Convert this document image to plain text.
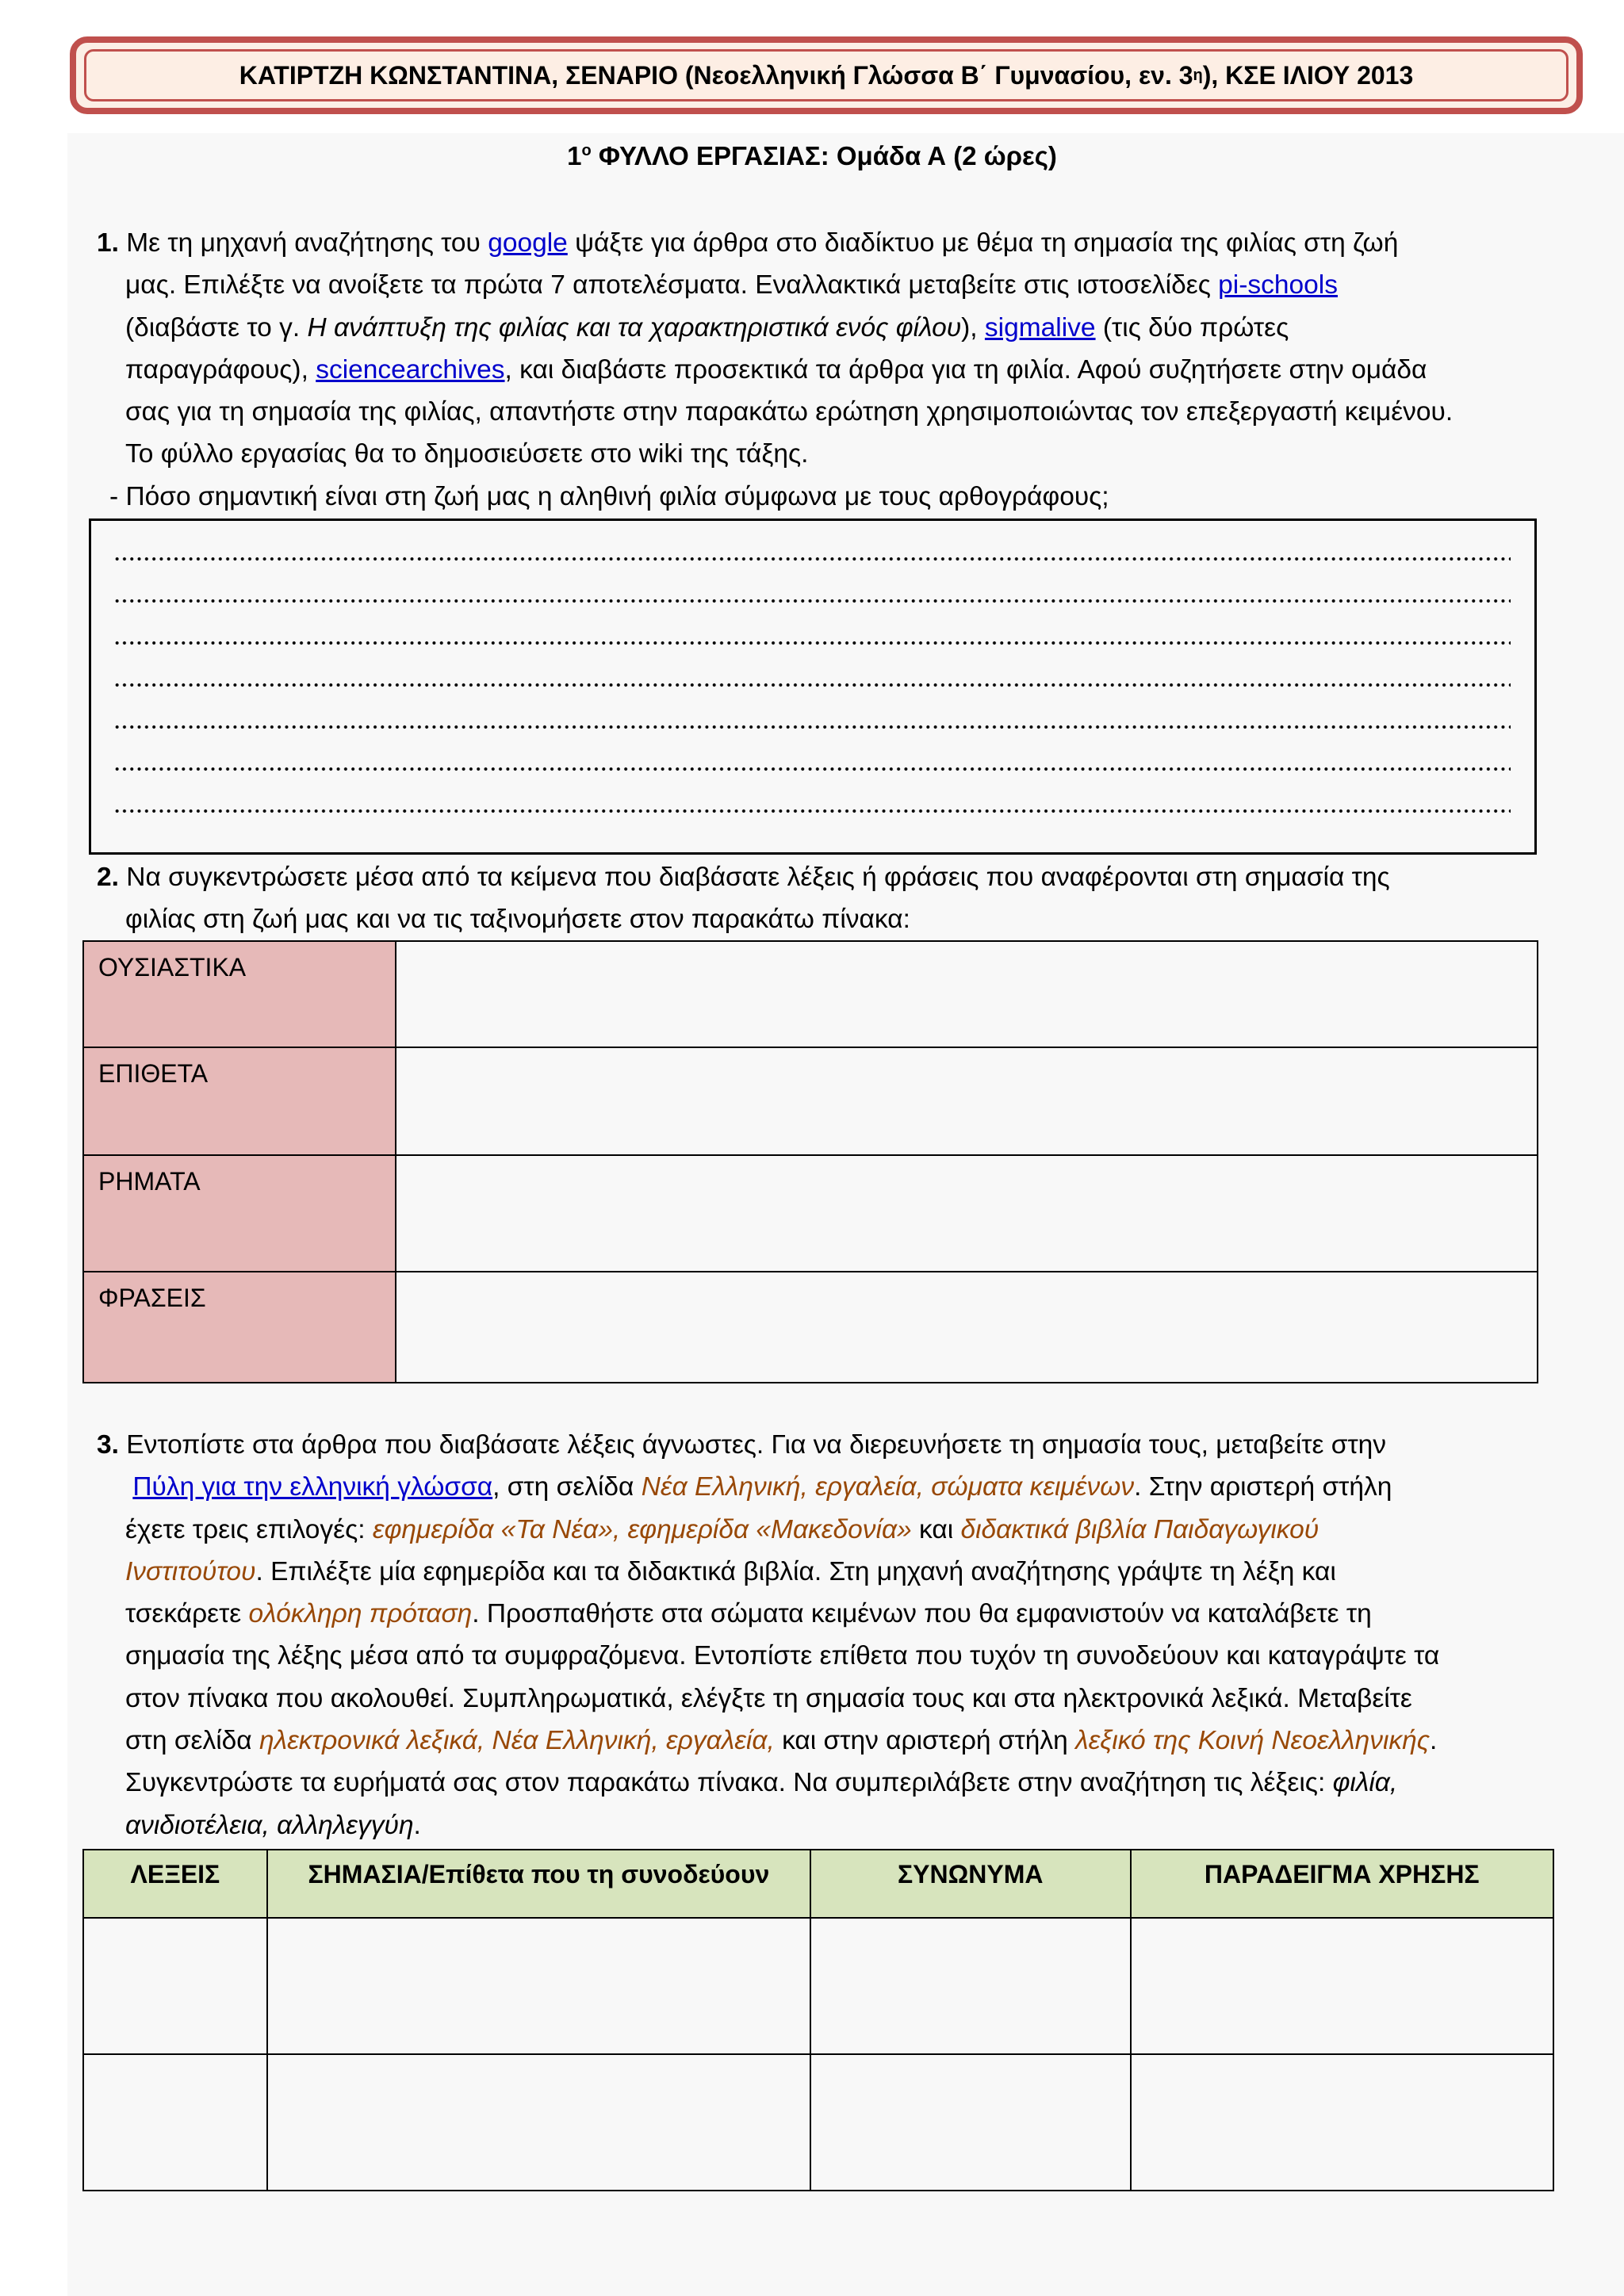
ΚΑΤΙΡΤΖΗ ΚΩΝΣΤΑΝΤΙΝΑ, ΣΕΝΑΡΙΟ (Νεοελληνική Γλώσσα Β΄ Γυμνασίου, εν. 3 η ), ΚΣΕ ΙΛΙΟΥ 2013
$1^o$ ΦΥΛΛΟ ΕΡΓΑΣΙΑΣ: Ομάδα Α (2 ώρες)
1. Με τη μηχανή αναζήτησης του google ψάξτε για άρθρα στο διαδίκτυο με θέμα τη σημασία της φιλίας στη ζωή
μας. Επιλέξτε να ανοίξετε τα πρώτα 7 αποτελέσματα. Εναλλακτικά μεταβείτε στις ιστοσελίδες pi-schools
(διαβάστε το γ. Η ανάπτυξη της φιλίας και τα χαρακτηριστικά ενός φίλου), sigmalive (τις δύο πρώτες
παραγράφους), sciencearchives, και διαβάστε προσεκτικά τα άρθρα για τη φιλία. Αφού συζητήσετε στην ομάδα
σας για τη σημασία της φιλίας, απαντήστε στην παρακάτω ερώτηση χρησιμοποιώντας τον επεξεργαστή κειμένου.
Το φύλλο εργασίας θα το δημοσιεύσετε στο wiki της τάξης.
- Πόσο σημαντική είναι στη ζωή μας η αληθινή φιλία σύμφωνα με τους αρθογράφους;
2. Να συγκεντρώσετε μέσα από τα κείμενα που διαβάσατε λέξεις ή φράσεις που αναφέρονται στη σημασία της
φιλίας στη ζωή μας και να τις ταξινομήσετε στον παρακάτω πίνακα:
ΟΥΣΙΑΣΤΙΚΑ	
ΕΠΙΘΕΤΑ	
ΡΗΜΑΤΑ	
ΦΡΑΣΕΙΣ	
3. Εντοπίστε στα άρθρα που διαβάσατε λέξεις άγνωστες. Για να διερευνήσετε τη σημασία τους, μεταβείτε στην
Πύλη για την ελληνική γλώσσα, στη σελίδα Νέα Ελληνική, εργαλεία, σώματα κειμένων. Στην αριστερή στήλη
έχετε τρεις επιλογές: εφημερίδα «Τα Νέα», εφημερίδα «Μακεδονία» και διδακτικά βιβλία Παιδαγωγικού
Ινστιτούτου. Επιλέξτε μία εφημερίδα και τα διδακτικά βιβλία. Στη μηχανή αναζήτησης γράψτε τη λέξη και
τσεκάρετε ολόκληρη πρόταση. Προσπαθήστε στα σώματα κειμένων που θα εμφανιστούν να καταλάβετε τη
σημασία της λέξης μέσα από τα συμφραζόμενα. Εντοπίστε επίθετα που τυχόν τη συνοδεύουν και καταγράψτε τα
στον πίνακα που ακολουθεί. Συμπληρωματικά, ελέγξτε τη σημασία τους και στα ηλεκτρονικά λεξικά. Μεταβείτε
στη σελίδα ηλεκτρονικά λεξικά, Νέα Ελληνική, εργαλεία, και στην αριστερή στήλη λεξικό της Κοινή Νεοελληνικής.
Συγκεντρώστε τα ευρήματά σας στον παρακάτω πίνακα. Να συμπεριλάβετε στην αναζήτηση τις λέξεις: φιλία,
ανιδιοτέλεια, αλληλεγγύη.
ΛΕΞΕΙΣ	ΣΗΜΑΣΙΑ/Επίθετα που τη συνοδεύουν	ΣΥΝΩΝΥΜΑ	ΠΑΡΑΔΕΙΓΜΑ ΧΡΗΣΗΣ
